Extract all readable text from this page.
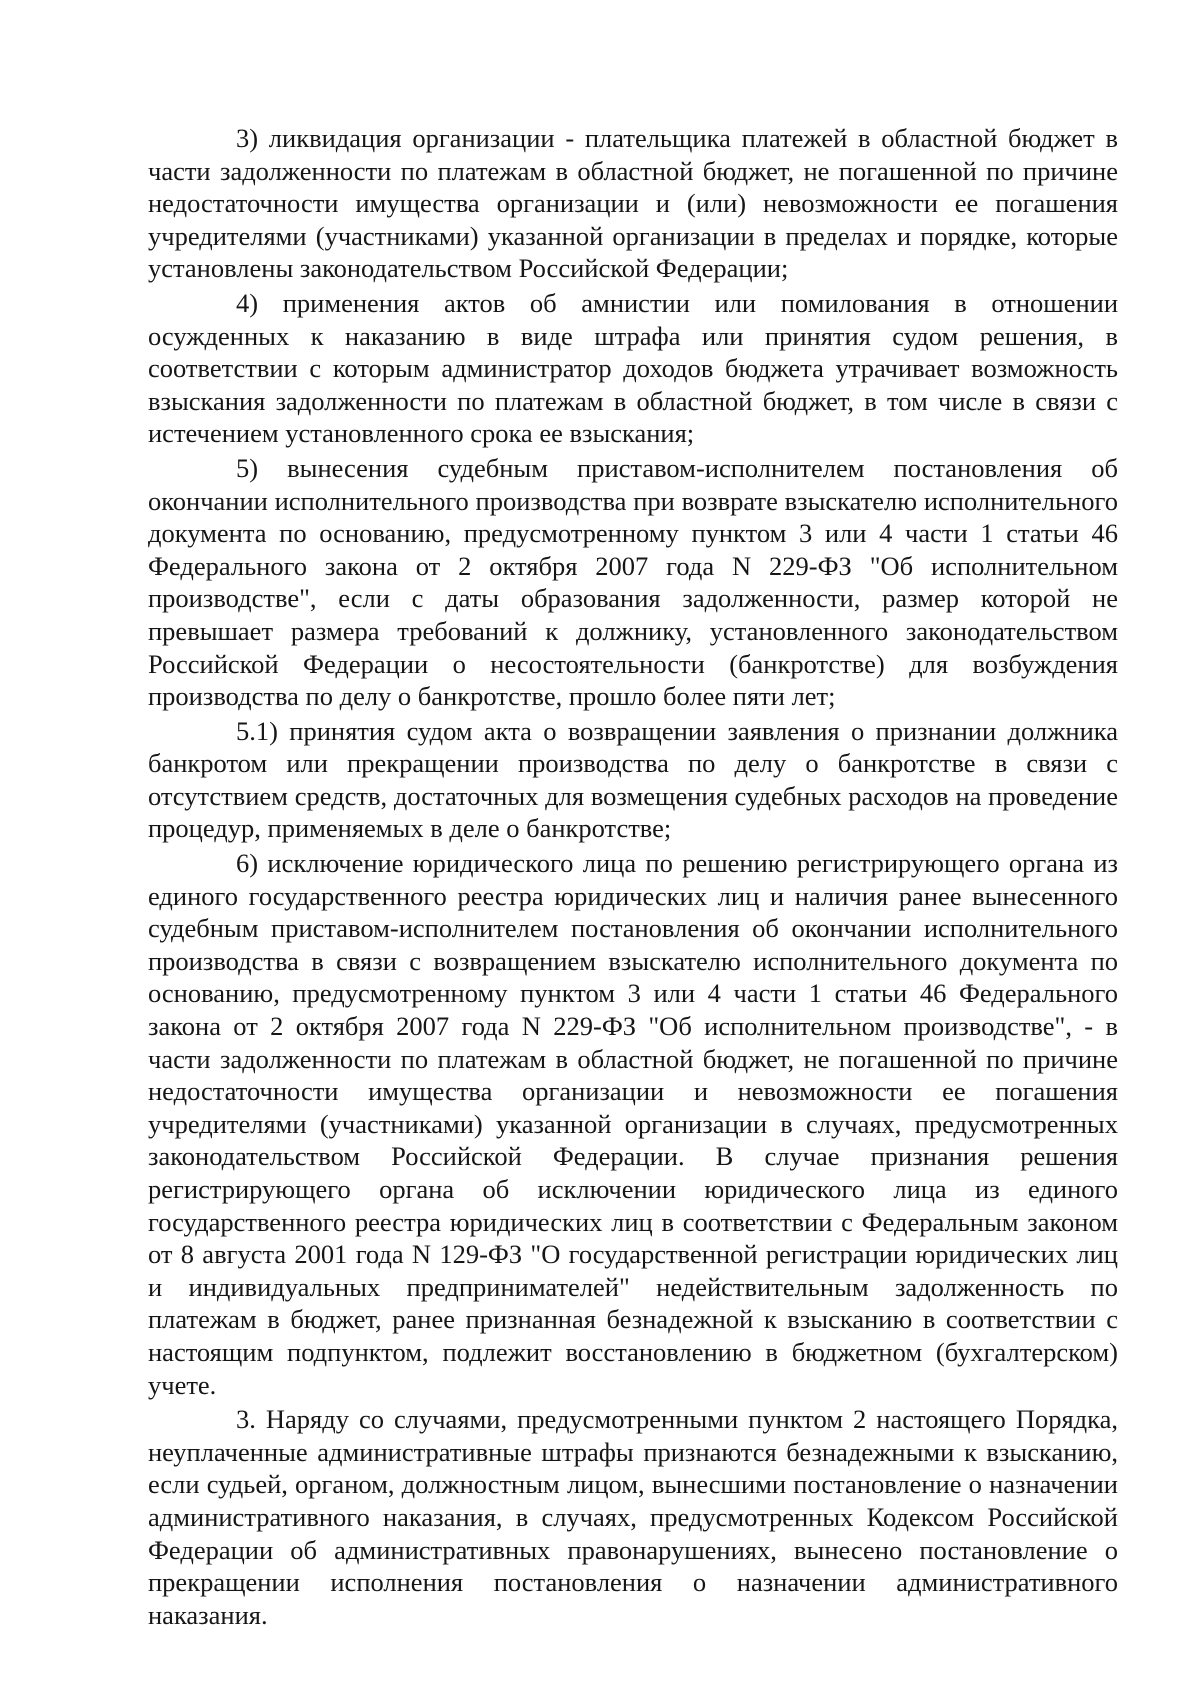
3) ликвидация организации - плательщика платежей в областной бюджет в части задолженности по платежам в областной бюджет, не погашенной по причине недостаточности имущества организации и (или) невозможности ее погашения учредителями (участниками) указанной организации в пределах и порядке, которые установлены законодательством Российской Федерации;

4) применения актов об амнистии или помилования в отношении осужденных к наказанию в виде штрафа или принятия судом решения, в соответствии с которым администратор доходов бюджета утрачивает возможность взыскания задолженности по платежам в областной бюджет, в том числе в связи с истечением установленного срока ее взыскания;

5) вынесения судебным приставом-исполнителем постановления об окончании исполнительного производства при возврате взыскателю исполнительного документа по основанию, предусмотренному пунктом 3 или 4 части 1 статьи 46 Федерального закона от 2 октября 2007 года N 229-ФЗ "Об исполнительном производстве", если с даты образования задолженности, размер которой не превышает размера требований к должнику, установленного законодательством Российской Федерации о несостоятельности (банкротстве) для возбуждения производства по делу о банкротстве, прошло более пяти лет;

5.1) принятия судом акта о возвращении заявления о признании должника банкротом или прекращении производства по делу о банкротстве в связи с отсутствием средств, достаточных для возмещения судебных расходов на проведение процедур, применяемых в деле о банкротстве;

6) исключение юридического лица по решению регистрирующего органа из единого государственного реестра юридических лиц и наличия ранее вынесенного судебным приставом-исполнителем постановления об окончании исполнительного производства в связи с возвращением взыскателю исполнительного документа по основанию, предусмотренному пунктом 3 или 4 части 1 статьи 46 Федерального закона от 2 октября 2007 года N 229-ФЗ "Об исполнительном производстве", - в части задолженности по платежам в областной бюджет, не погашенной по причине недостаточности имущества организации и невозможности ее погашения учредителями (участниками) указанной организации в случаях, предусмотренных законодательством Российской Федерации. В случае признания решения регистрирующего органа об исключении юридического лица из единого государственного реестра юридических лиц в соответствии с Федеральным законом от 8 августа 2001 года N 129-ФЗ "О государственной регистрации юридических лиц и индивидуальных предпринимателей" недействительным задолженность по платежам в бюджет, ранее признанная безнадежной к взысканию в соответствии с настоящим подпунктом, подлежит восстановлению в бюджетном (бухгалтерском) учете.

3. Наряду со случаями, предусмотренными пунктом 2 настоящего Порядка, неуплаченные административные штрафы признаются безнадежными к взысканию, если судьей, органом, должностным лицом, вынесшими постановление о назначении административного наказания, в случаях, предусмотренных Кодексом Российской Федерации об административных правонарушениях, вынесено постановление о прекращении исполнения постановления о назначении административного наказания.
